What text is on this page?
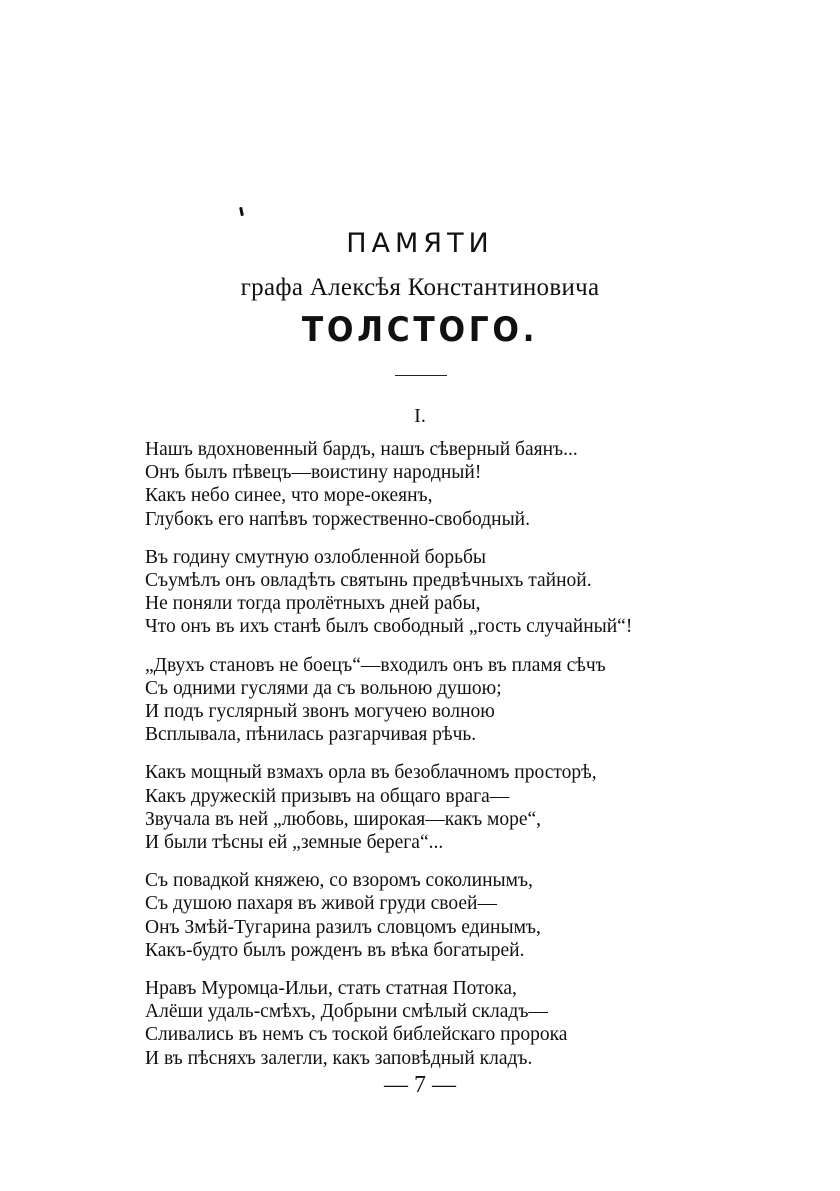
ПАМЯТИ
графа Алексѣя Константиновича
ТОЛСТОГО.
I.
Нашъ вдохновенный бардъ, нашъ сѣверный баянъ...
Онъ былъ пѣвецъ—воистину народный!
Какъ небо синее, что море-океянъ,
Глубокъ его напѣвъ торжественно-свободный.
Въ годину смутную озлобленной борьбы
Съумѣлъ онъ овладѣть святынь предвѣчныхъ тайной.
Не поняли тогда пролётныхъ дней рабы,
Что онъ въ ихъ станѣ былъ свободный „гость случайный“!
„Двухъ становъ не боецъ“—входилъ онъ въ пламя сѣчъ
Съ одними гуслями да съ вольною душою;
И подъ гуслярный звонъ могучею волною
Всплывала, пѣнилась разгарчивая рѣчь.
Какъ мощный взмахъ орла въ безоблачномъ просторѣ,
Какъ дружескій призывъ на общаго врага—
Звучала въ ней „любовь, широкая—какъ море“,
И были тѣсны ей „земные берега“...
Съ повадкой княжею, со взоромъ соколинымъ,
Съ душою пахаря въ живой груди своей—
Онъ Змѣй-Тугарина разилъ словцомъ единымъ,
Какъ-будто былъ рожденъ въ вѣка богатырей.
Нравъ Муромца-Ильи, стать статная Потока,
Алёши удаль-смѣхъ, Добрыни смѣлый складъ—
Сливались въ немъ съ тоской библейскаго пророка
И въ пѣсняхъ залегли, какъ заповѣдный кладъ.
— 7 —
